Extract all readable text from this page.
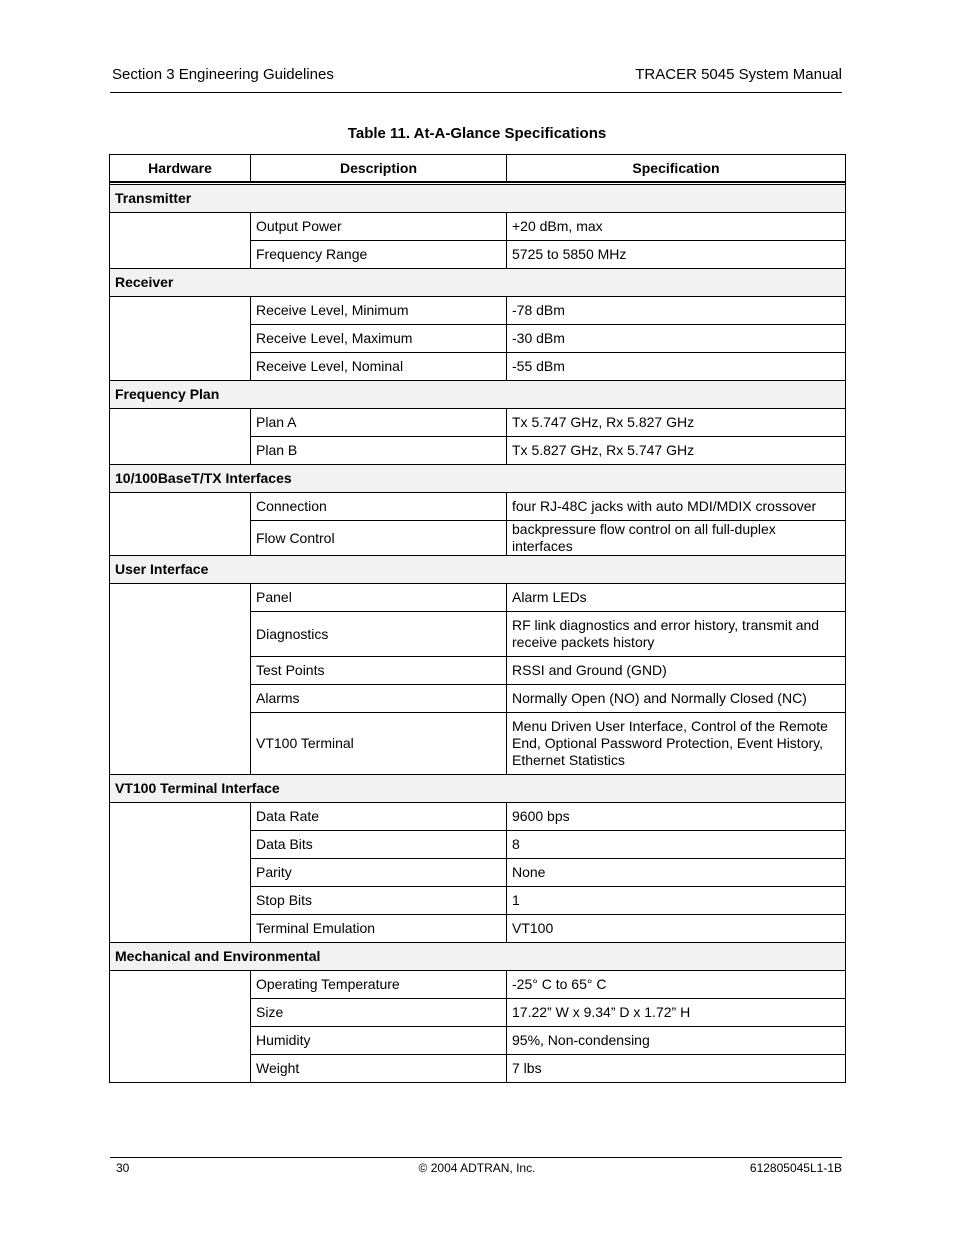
Section 3 Engineering Guidelines	TRACER 5045 System Manual
Table 11. At-A-Glance Specifications
Hardware	Description	Specification

Transmitter		
	Output Power	+20 dBm, max
	Frequency Range	5725 to 5850 MHz
Receiver		
	Receive Level, Minimum	-78 dBm
	Receive Level, Maximum	-30 dBm
	Receive Level, Nominal	-55 dBm
Frequency Plan		
	Plan A	Tx 5.747 GHz, Rx 5.827 GHz
	Plan B	Tx 5.827 GHz, Rx 5.747 GHz
10/100BaseT/TX Interfaces		
	Connection	four RJ-48C jacks with auto MDI/MDIX crossover
	Flow Control	backpressure flow control on all full-duplex interfaces
User Interface		
	Panel	Alarm LEDs
	Diagnostics	RF link diagnostics and error history, transmit and receive packets history
	Test Points	RSSI and Ground (GND)
	Alarms	Normally Open (NO) and Normally Closed (NC)
	VT100 Terminal	Menu Driven User Interface, Control of the Remote End, Optional Password Protection, Event History, Ethernet Statistics
VT100 Terminal Interface		
	Data Rate	9600 bps
	Data Bits	8
	Parity	None
	Stop Bits	1
	Terminal Emulation	VT100
Mechanical and Environmental		
	Operating Temperature	-25° C to 65° C
	Size	17.22” W x 9.34” D x 1.72” H
	Humidity	95%, Non-condensing
	Weight	7 lbs
30	© 2004 ADTRAN, Inc.	612805045L1-1B
